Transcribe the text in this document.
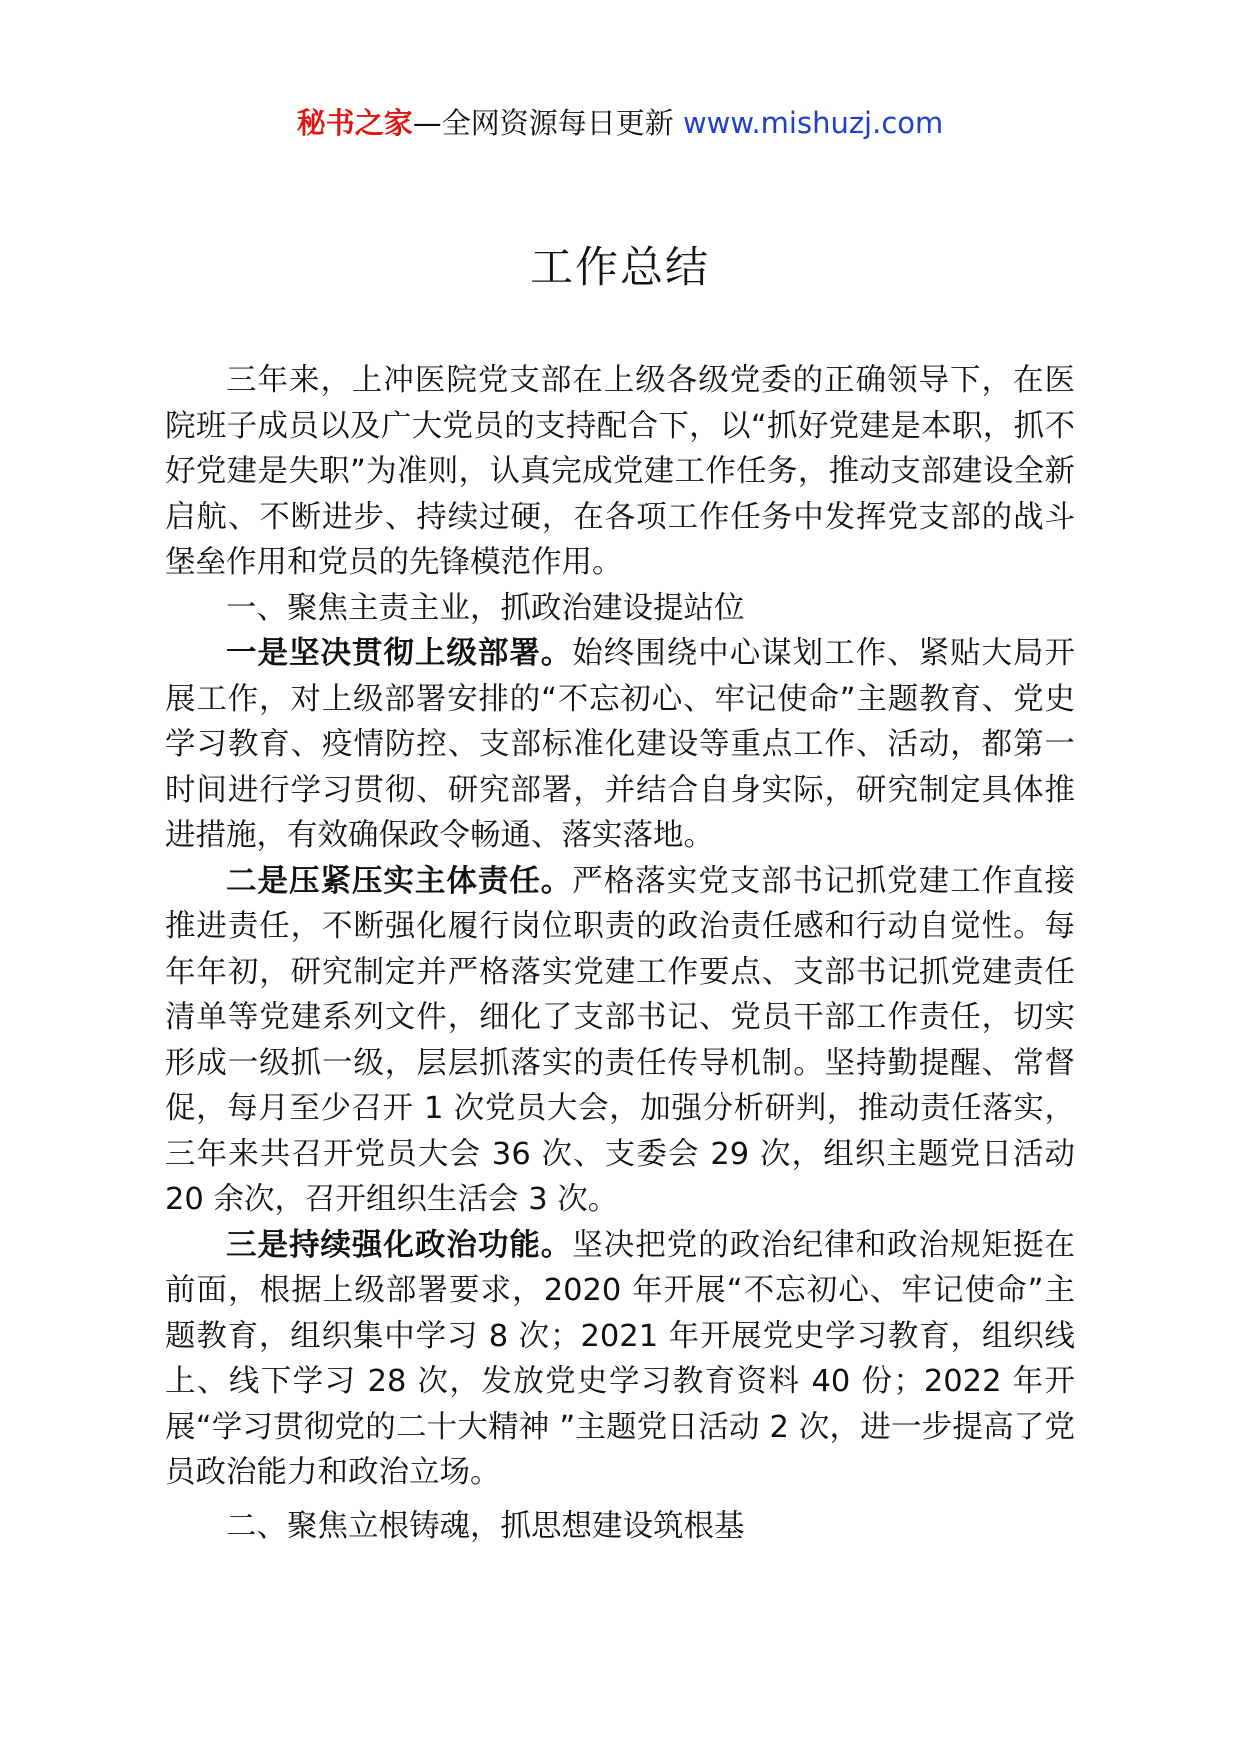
秘书之家—全网资源每日更新 www.mishuzj.com
工作总结

三年来，上冲医院党支部在上级各级党委的正确领导下，在医院班子成员以及广大党员的支持配合下，以“抓好党建是本职，抓不好党建是失职”为准则，认真完成党建工作任务，推动支部建设全新启航、不断进步、持续过硬，在各项工作任务中发挥党支部的战斗堡垒作用和党员的先锋模范作用。

一、聚焦主责主业，抓政治建设提站位

一是坚决贯彻上级部署。始终围绕中心谋划工作、紧贴大局开展工作，对上级部署安排的“不忘初心、牢记使命”主题教育、党史学习教育、疫情防控、支部标准化建设等重点工作、活动，都第一时间进行学习贯彻、研究部署，并结合自身实际，研究制定具体推进措施，有效确保政令畅通、落实落地。

二是压紧压实主体责任。严格落实党支部书记抓党建工作直接推进责任，不断强化履行岗位职责的政治责任感和行动自觉性。每年年初，研究制定并严格落实党建工作要点、支部书记抓党建责任清单等党建系列文件，细化了支部书记、党员干部工作责任，切实形成一级抓一级，层层抓落实的责任传导机制。坚持勤提醒、常督促，每月至少召开 1 次党员大会，加强分析研判，推动责任落实，三年来共召开党员大会 36 次、支委会 29 次，组织主题党日活动 20 余次，召开组织生活会 3 次。

三是持续强化政治功能。坚决把党的政治纪律和政治规矩挺在前面，根据上级部署要求，2020 年开展“不忘初心、牢记使命”主题教育，组织集中学习 8 次；2021 年开展党史学习教育，组织线上、线下学习 28 次，发放党史学习教育资料 40 份；2022 年开展“学习贯彻党的二十大精神 ”主题党日活动 2 次，进一步提高了党员政治能力和政治立场。

二、聚焦立根铸魂，抓思想建设筑根基
